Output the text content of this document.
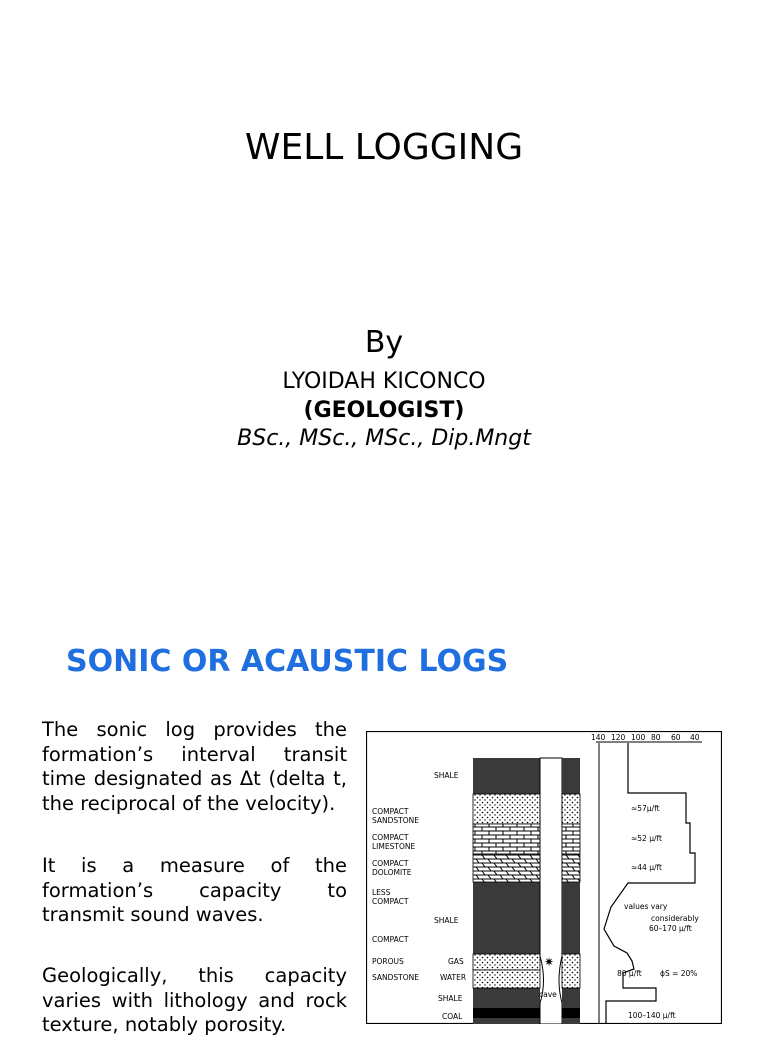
WELL LOGGING
By
LYOIDAH KICONCO
(GEOLOGIST)
BSc., MSc., MSc., Dip.Mngt
SONIC OR ACAUSTIC LOGS
The sonic log provides the formation’s interval transit time designated as Δt (delta t, the reciprocal of the velocity).
It is a measure of the formation’s capacity to transmit sound waves.
Geologically, this capacity varies with lithology and rock texture, notably porosity.
140 120 100 80 60 40
✷
COMPACT
SANDSTONE
COMPACT
LIMESTONE
COMPACT
DOLOMITE
LESS
COMPACT
COMPACT
POROUS
SANDSTONE
SHALE
SHALE
GAS
WATER
SHALE
COAL
cave
≈57μ/ft
≈52 μ/ft
≈44 μ/ft
values vary
considerably
60–170 μ/ft
80 μ/ft ϕS = 20%
100–140 μ/ft
